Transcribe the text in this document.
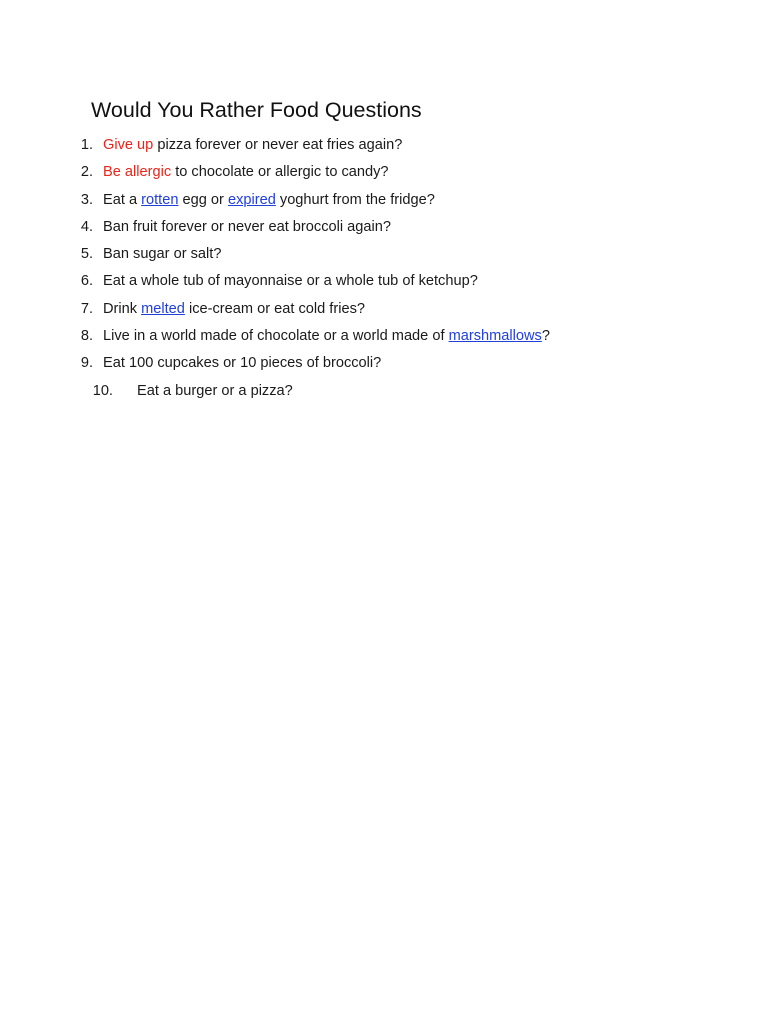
Would You Rather Food Questions
1. Give up pizza forever or never eat fries again?
2. Be allergic to chocolate or allergic to candy?
3. Eat a rotten egg or expired yoghurt from the fridge?
4. Ban fruit forever or never eat broccoli again?
5. Ban sugar or salt?
6. Eat a whole tub of mayonnaise or a whole tub of ketchup?
7. Drink melted ice-cream or eat cold fries?
8. Live in a world made of chocolate or a world made of marshmallows?
9. Eat 100 cupcakes or 10 pieces of broccoli?
10. Eat a burger or a pizza?
